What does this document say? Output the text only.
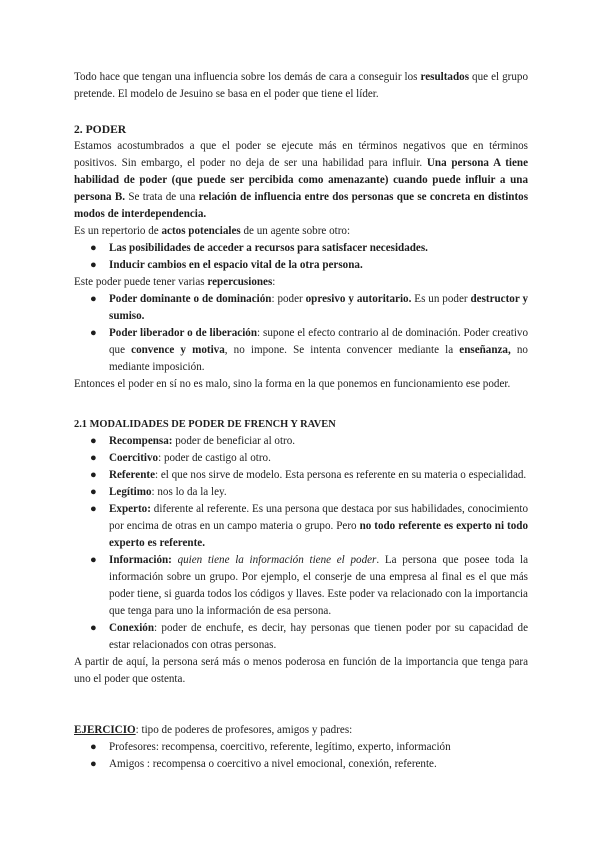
Todo hace que tengan una influencia sobre los demás de cara a conseguir los resultados que el grupo pretende. El modelo de Jesuino se basa en el poder que tiene el líder.

2. PODER

Estamos acostumbrados a que el poder se ejecute más en términos negativos que en términos positivos. Sin embargo, el poder no deja de ser una habilidad para influir. Una persona A tiene habilidad de poder (que puede ser percibida como amenazante) cuando puede influir a una persona B. Se trata de una relación de influencia entre dos personas que se concreta en distintos modos de interdependencia.

Es un repertorio de actos potenciales de un agente sobre otro:

● Las posibilidades de acceder a recursos para satisfacer necesidades.
● Inducir cambios en el espacio vital de la otra persona.

Este poder puede tener varias repercusiones:

● Poder dominante o de dominación: poder opresivo y autoritario. Es un poder destructor y sumiso.
● Poder liberador o de liberación: supone el efecto contrario al de dominación. Poder creativo que convence y motiva, no impone. Se intenta convencer mediante la enseñanza, no mediante imposición.

Entonces el poder en sí no es malo, sino la forma en la que ponemos en funcionamiento ese poder.

2.1 MODALIDADES DE PODER DE FRENCH Y RAVEN

● Recompensa: poder de beneficiar al otro.
● Coercitivo: poder de castigo al otro.
● Referente: el que nos sirve de modelo. Esta persona es referente en su materia o especialidad.
● Legítimo: nos lo da la ley.
● Experto: diferente al referente. Es una persona que destaca por sus habilidades, conocimiento por encima de otras en un campo materia o grupo. Pero no todo referente es experto ni todo experto es referente.
● Información: quien tiene la información tiene el poder. La persona que posee toda la información sobre un grupo. Por ejemplo, el conserje de una empresa al final es el que más poder tiene, si guarda todos los códigos y llaves. Este poder va relacionado con la importancia que tenga para uno la información de esa persona.
● Conexión: poder de enchufe, es decir, hay personas que tienen poder por su capacidad de estar relacionados con otras personas.

A partir de aquí, la persona será más o menos poderosa en función de la importancia que tenga para uno el poder que ostenta.

EJERCICIO: tipo de poderes de profesores, amigos y padres:

● Profesores: recompensa, coercitivo, referente, legítimo, experto, información
● Amigos : recompensa o coercitivo a nivel emocional, conexión, referente.
